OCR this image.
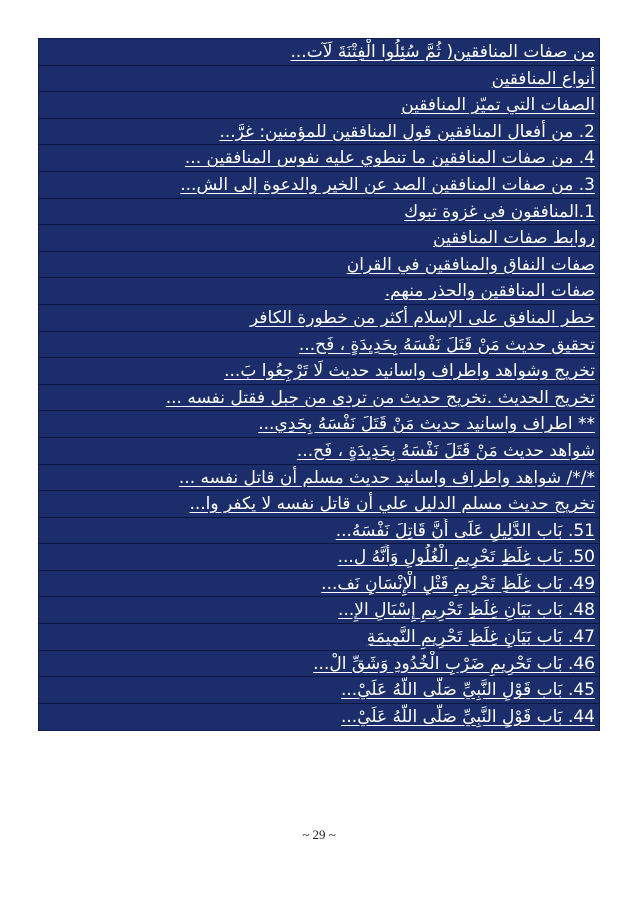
من صفات المنافقين( ثُمَّ سُئِلُوا الْفِتْنَةَ لَآت...
أنواع المنافقين
الصفات التي تميّز المنافقين
2. من أفعال المنافقين قول المنافقين للمؤمنين: غرَّ...
4. من صفات المنافقين ما تنطوي عليه نفوس المنافقين ...
3. من صفات المنافقين الصد عن الخير والدعوة إلى الش...
1.المنافقون في غزوة تبوك
روابط صفات المنافقين
صفات النفاق والمنافقين في القران
صفات المنافقين والحذر منهم.
خطر المنافق على الإسلام أكثر من خطورة الكافر
تحقيق حديث مَنْ قَتَلَ نَفْسَهُ بِحَدِيدَةٍ ، فَح...
تخريج وشواهد واطراف واسانيد حديث لَا تَرْجِعُوا بَ...
تخريج الحديث .تخريج حديث من تردى من جبل فقتل نفسه ...
** اطراف واسانيد حديث مَنْ قَتَلَ نَفْسَهُ بِحَدِي...
شواهد حديث مَنْ قَتَلَ نَفْسَهُ بِحَدِيدَةٍ ، فَح...
*/*/ شواهد واطراف واسانيد حديث مسلم أن قاتل نفسه ...
تخريج حديث مسلم الدليل علي أن قاتل نفسه لا يكفر وا...
51. بَاب الدَّلِيلِ عَلَى أَنَّ قَاتِلَ نَفْسَهُ...
50. بَاب غِلَظِ تَحْرِيمِ الْغُلُولِ وَأَنَّهُ ل...
49. بَاب غِلَظِ تَحْرِيمِ قَتْلِ الْإِنْسَانِ نَف...
48. بَاب بَيَانِ غِلَظِ تَحْرِيمِ إِسْبَالِ الإِ...
47. بَاب بَيَانِ غِلَظِ تَحْرِيمِ النَّمِيمَةِ
46. بَاب تَحْرِيمِ ضَرْبِ الْخُدُودِ وَشَقِّ الْ...
45. بَاب قَوْلِ النَّبِيِّ صَلَّى اللَّهُ عَلَيْ...
44. بَاب قَوْلِ النَّبِيِّ صَلَّى اللَّهُ عَلَيْ...
~ 29 ~
